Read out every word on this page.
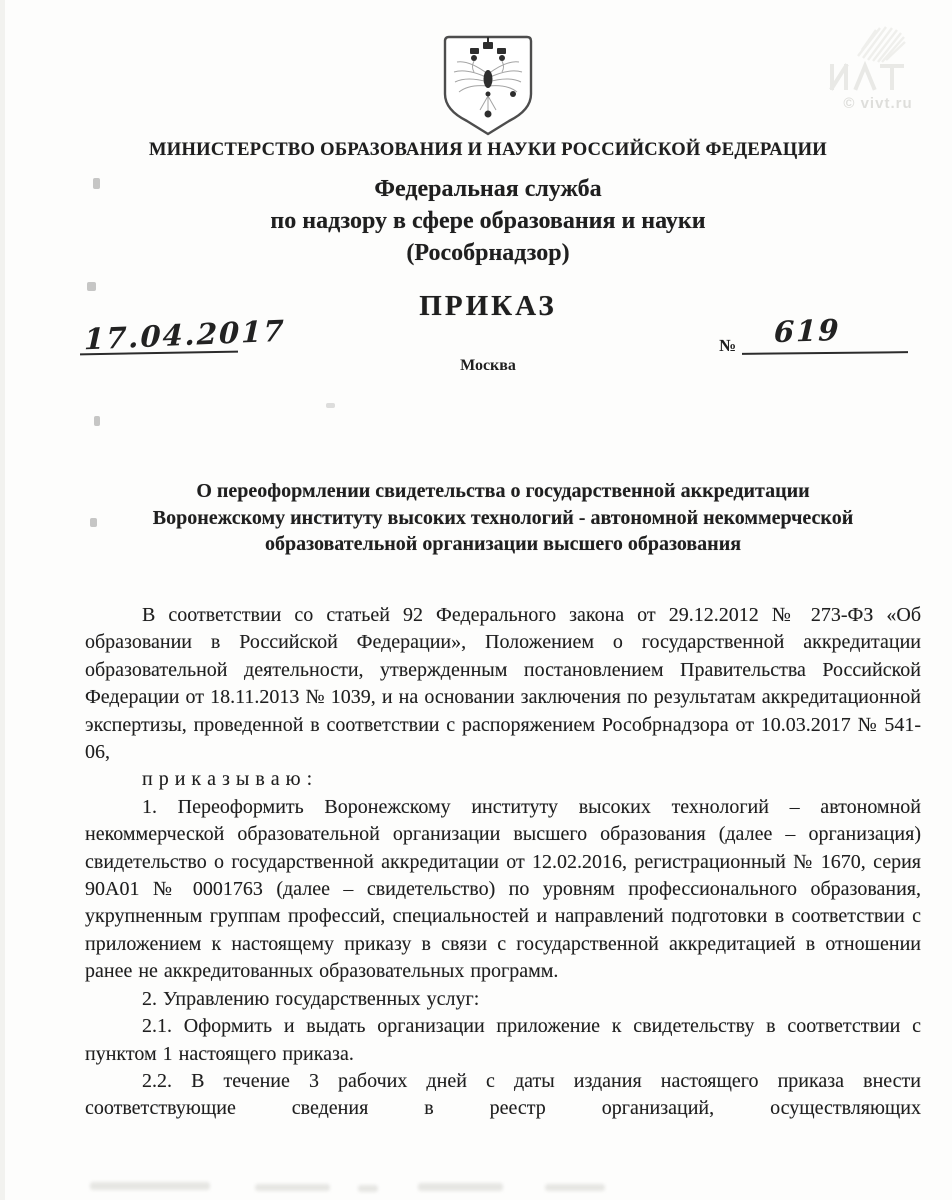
© vivt.ru
МИНИСТЕРСТВО ОБРАЗОВАНИЯ И НАУКИ РОССИЙСКОЙ ФЕДЕРАЦИИ
Федеральная служба
по надзору в сфере образования и науки
(Рособрнадзор)
ПРИКАЗ
17.04.2017	№ 619
Москва
О переоформлении свидетельства о государственной аккредитации
Воронежскому институту высоких технологий - автономной некоммерческой
образовательной организации высшего образования

В соответствии со статьей 92 Федерального закона от 29.12.2012 № 273-ФЗ «Об образовании в Российской Федерации», Положением о государственной аккредитации образовательной деятельности, утвержденным постановлением Правительства Российской Федерации от 18.11.2013 № 1039, и на основании заключения по результатам аккредитационной экспертизы, проведенной в соответствии с распоряжением Рособрнадзора от 10.03.2017 № 541-06,

п р и к а з ы в а ю :

1. Переоформить Воронежскому институту высоких технологий – автономной некоммерческой образовательной организации высшего образования (далее – организация) свидетельство о государственной аккредитации от 12.02.2016, регистрационный № 1670, серия 90А01 № 0001763 (далее – свидетельство) по уровням профессионального образования, укрупненным группам профессий, специальностей и направлений подготовки в соответствии с приложением к настоящему приказу в связи с государственной аккредитацией в отношении ранее не аккредитованных образовательных программ.

2. Управлению государственных услуг:

2.1. Оформить и выдать организации приложение к свидетельству в соответствии с пунктом 1 настоящего приказа.

2.2. В течение 3 рабочих дней с даты издания настоящего приказа внести соответствующие сведения в реестр организаций, осуществляющих
